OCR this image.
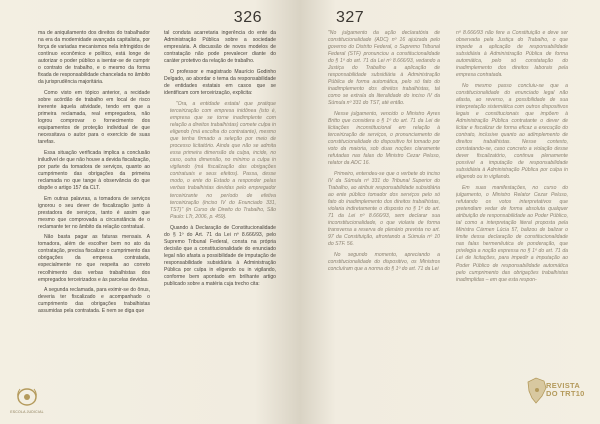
326

ma de aniquilamento dos direitos do trabalhador na era da modernidade avançada capitalista, por força de variadas mecanismos nela infringidos de contínuo econômico e político, está longe de autorizar o poder público a isentar-se de cumprir o contrato de trabalho, e o mesmo da forma fixada de responsabilidade chancelada no âmbito da jurisprudência majoritária.

Como visto em tópico anterior, a recidade sobre acórdão de trabalho em local de risco inerente àquela atividade, tendo em que a primeira reclamada, real empregadora, não logrou comprovar o fornecimento dos equipamentos de proteção individual de que necessitava o autor para o exercício de suas tarefas.

Essa situação verificada implica a conclusão iniludível de que não houve a devida fiscalização, por parte da tomadora de serviços, quanto ao cumprimento das obrigações da primeira reclamada no que tange à observância do que dispõe o artigo 157 da CLT.

Em outras palavras, a tomadora de serviços ignorou o seu dever de fiscalização junto à prestadora de serviços, tanto é assim que mesmo que comprovada a circunstância de o reclamante ter no âmbito da relação contratual.

Não basta pagar as faturas mensais. A tomadora, além de escolher bem no ato da contratação, precisa fiscalizar o cumprimento das obrigações da empresa contratada, especialmente no que respeita ao correto recolhimento das verbas trabalhistas dos empregados terceirizados e às parcelas devidas.

A segunda reclamada, para eximir-se do ônus, deveria ter fiscalizado e acompanhado o cumprimento das obrigações trabalhistas assumidas pela contratada. E nem se diga que

tal conduta acarretaria ingerência do ente da Administração Pública sobre a sociedade empresária. A discussão de novos modelos de contratação não pode prevalecer diante do caráter protetivo da relação de trabalho.

O professor e magistrado Maurício Godinho Delgado, ao abordar o tema da responsabilidade de entidades estatais em casos que se identificam com terceirização, explicita:

"Ora, a entidade estatal que pratique terceirização com empresa inidônea (isto é, empresa que se torne inadimplente com relação a direitos trabalhistas) comete culpa in eligendo (má escolha do contratante), mesmo que tenha firmado a seleção por meio de processo licitatório. Ainda que não se admita essa primeira dimensão da culpa, incide, no caso, outra dimensão, no mínimo a culpa in vigilando (má fiscalização das obrigações contratuais e seus efeitos). Passa, desse modo, o ente do Estado a responder pelas verbas trabalhistas devidas pelo empregador terceirizante no período de efetiva terceirização (inciso IV do Enunciado 331, TST)" (in Curso de Direito do Trabalho, São Paulo: LTr, 2006, p. 459).

Quando à Declaração de Constitucionalidade do § 1º do Art. 71 da Lei nº 8.666/93, pelo Supremo Tribunal Federal, consta na própria decisão que a constitucionalidade do enunciado legal não afasta a possibilidade de imputação de responsabilidade subsidiária à Administração Pública por culpa in eligendo ou in vigilando, conforme bem apontado em brilhante artigo publicado sobre a matéria cuja trecho cita:

ESCOLA JUDICIAL
327

"No julgamento da ação declaratória de constitucionalidade (ADC) nº 16 ajuizada pelo governo do Distrito Federal, o Supremo Tribunal Federal (STF) pronunciou a constitucionalidade do § 1º do art. 71 da Lei nº 8.666/93, vedando a Justiça do Trabalho a aplicação de responsabilidade subsidiária à Administração Pública de forma automática, pelo só fato do inadimplemento dos direitos trabalhistas, tal como se extraía da literalidade do inciso IV da Súmula nº 331 do TST, até então.

Nesse julgamento, vencido o Ministro Ayres Britto que considera o § 1º do art. 71 da Lei de licitações inconstitucional em relação à terceirização de serviços, o pronunciamento de constitucionalidade do dispositivo foi tomado por voto da maioria, sob duas noções claramente refutadas nas falas do Ministro Cezar Peluso, relator da ADC 16.

Primeiro, entendeu-se que o verbete do inciso IV da Súmula nº 331 do Tribunal Superior do Trabalho, ao atribuir responsabilidade subsidiária ao ente público tomador dos serviços pelo só fato do inadimplemento dos direitos trabalhistas, violaria indiretamente o disposto no § 1º do art. 71 da Lei nº 8.666/93, sem declarar sua inconstitucionalidade, o que violaria de forma transversa a reserva de plenário prevista no art. 97 da Constituição, afrontando a Súmula nº 10 do STF. 56.

No segundo momento, apreciando a constitucionalidade do dispositivo, os Ministros concluíram que a norma do § 1º do art. 71 da Lei

nº 8.666/93 não fere a Constituição e deve ser observada pela Justiça do Trabalho, o que impede a aplicação de responsabilidade subsidiária à Administração Pública de forma automática, pelo só constatação do inadimplemento dos direitos laborais pela empresa contratada.

No mesmo passo concluiu-se que a constitucionalidade do enunciado legal não afasta, ao reverso, a possibilidade de sua interpretação sistemática com outros dispositivos legais e constitucionais que impõem à Administração Pública contratante o dever de licitar e fiscalizar de forma eficaz a execução do contrato, inclusive quanto ao adimplemento de direitos trabalhistas. Nesse contexto, constatando-se, caso concreto a violação desse dever fiscalizatório, continua plenamente possível a imputação de responsabilidade subsidiária à Administração Pública por culpa in eligendo ou in vigilando.

Em suas manifestações, no curso do julgamento, o Ministro Relator Cezar Peluso, refutando os votos interpretativos que pretendiam vedar de forma absoluta qualquer atribuição de responsabilidade ao Poder Público, tal como a interpretação literal proposta pela Ministra Cármen Lúcia 57, balizou de balizar o limite dessa declaração de constitucionalidade nas falas hermenêutica de ponderação, que privilegia a noção expressa no § 1º do art. 71 da Lei de licitações, para impedir a imputação ao Poder Público de responsabilidade automática pelo cumprimento das obrigações trabalhistas inadimplidas – em que esta respon-

REVISTA
DO TRT10
